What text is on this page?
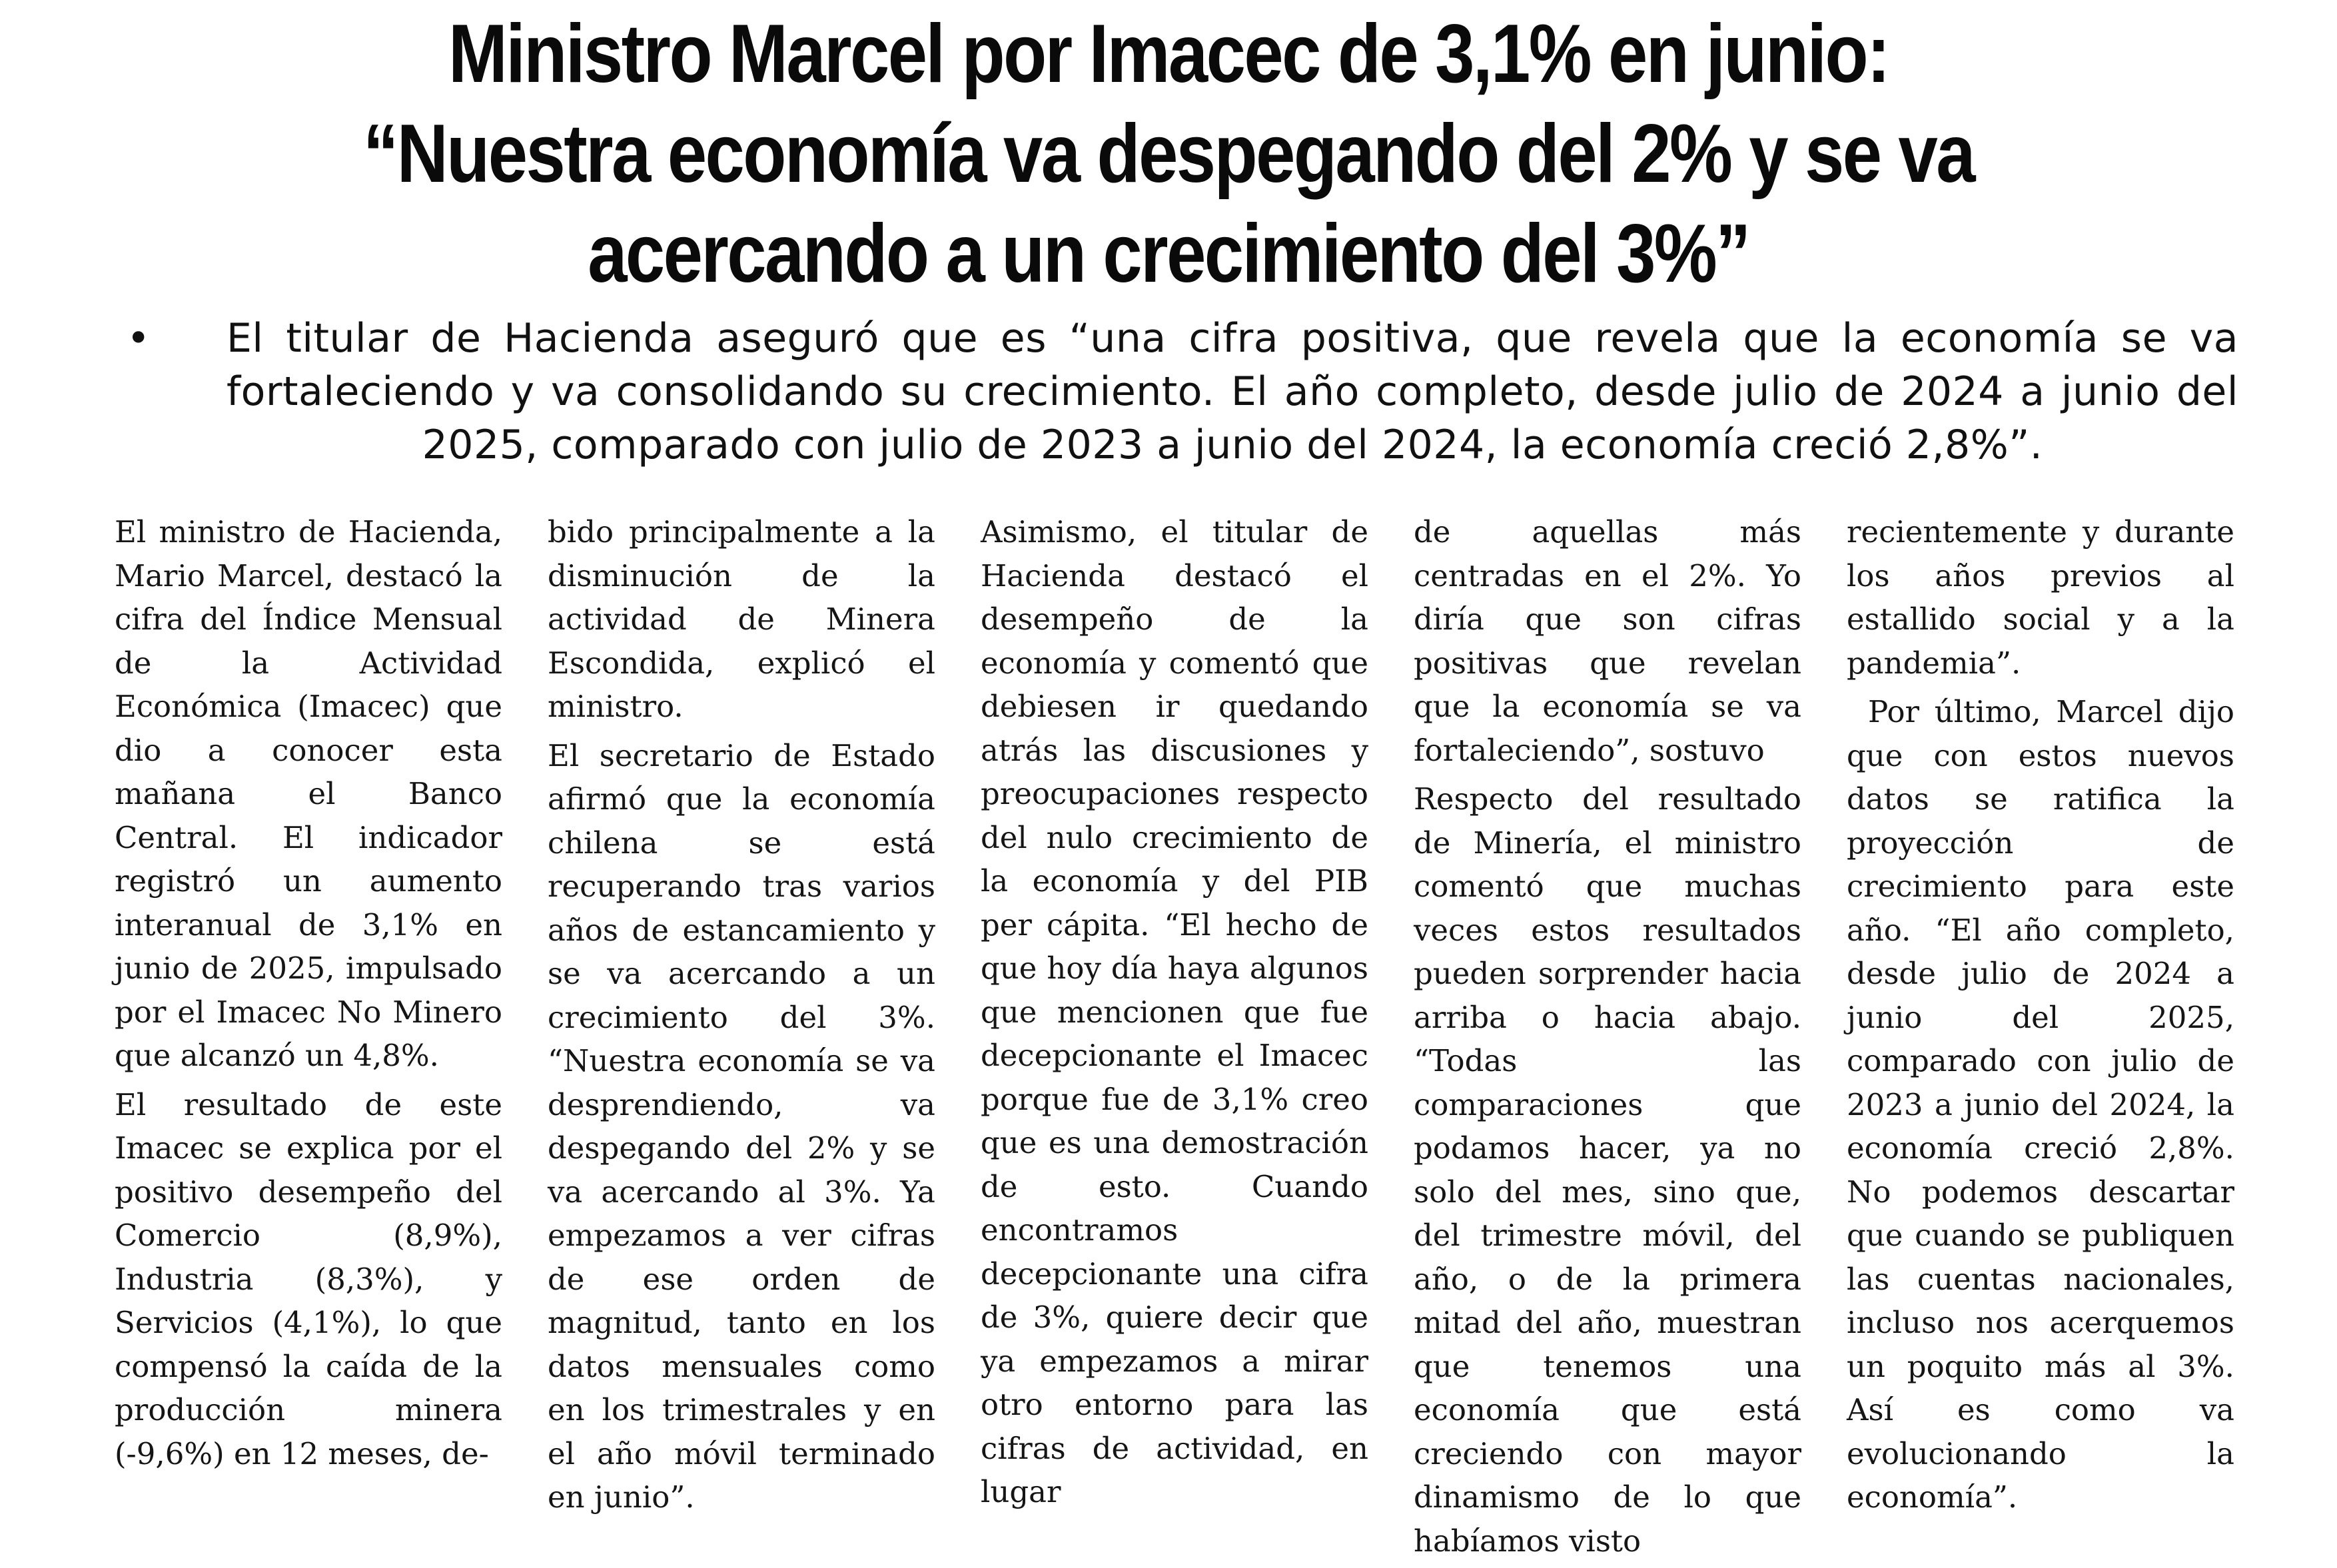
Ministro Marcel por Imacec de 3,1% en junio:
“Nuestra economía va despegando del 2% y se va
acercando a un crecimiento del 3%”
•	El titular de Hacienda aseguró que es “una cifra positiva, que revela que la economía se va fortaleciendo y va consolidando su crecimiento. El año completo, desde julio de 2024 a junio del 2025, comparado con julio de 2023 a junio del 2024, la economía creció 2,8%”.

El ministro de Hacienda, Mario Marcel, destacó la cifra del Índice Mensual de la Actividad Económica (Imacec) que dio a conocer esta mañana el Banco Central. El indicador registró un aumento interanual de 3,1% en junio de 2025, impulsado por el Imacec No Minero que alcanzó un 4,8%.

El resultado de este Imacec se explica por el positivo desempeño del Comercio (8,9%), Industria (8,3%), y Servicios (4,1%), lo que compensó la caída de la producción minera (-9,6%) en 12 meses, de-

bido principalmente a la disminución de la actividad de Minera Escondida, explicó el ministro.

El secretario de Estado afirmó que la economía chilena se está recuperando tras varios años de estancamiento y se va acercando a un crecimiento del 3%. “Nuestra economía se va desprendiendo, va despegando del 2% y se va acercando al 3%. Ya empezamos a ver cifras de ese orden de magnitud, tanto en los datos mensuales como en los trimestrales y en el año móvil terminado en junio”.

Asimismo, el titular de Hacienda destacó el desempeño de la economía y comentó que debiesen ir quedando atrás las discusiones y preocupaciones respecto del nulo crecimiento de la economía y del PIB per cápita. “El hecho de que hoy día haya algunos que mencionen que fue decepcionante el Imacec porque fue de 3,1% creo que es una demostración de esto. Cuando encontramos decepcionante una cifra de 3%, quiere decir que ya empezamos a mirar otro entorno para las cifras de actividad, en lugar

de aquellas más centradas en el 2%. Yo diría que son cifras positivas que revelan que la economía se va fortaleciendo”, sostuvo

Respecto del resultado de Minería, el ministro comentó que muchas veces estos resultados pueden sorprender hacia arriba o hacia abajo. “Todas las comparaciones que podamos hacer, ya no solo del mes, sino que, del trimestre móvil, del año, o de la primera mitad del año, muestran que tenemos una economía que está creciendo con mayor dinamismo de lo que habíamos visto

recientemente y durante los años previos al estallido social y a la pandemia”.

Por último, Marcel dijo que con estos nuevos datos se ratifica la proyección de crecimiento para este año. “El año completo, desde julio de 2024 a junio del 2025, comparado con julio de 2023 a junio del 2024, la economía creció 2,8%. No podemos descartar que cuando se publiquen las cuentas nacionales, incluso nos acerquemos un poquito más al 3%. Así es como va evolucionando la economía”.
